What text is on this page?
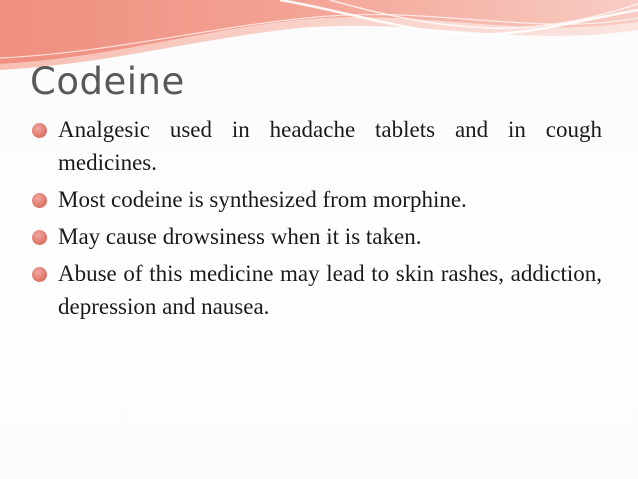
Codeine
Analgesic used in headache tablets and in cough medicines.
Most codeine is synthesized from morphine.
May cause drowsiness when it is taken.
Abuse of this medicine may lead to skin rashes, addiction, depression and nausea.
